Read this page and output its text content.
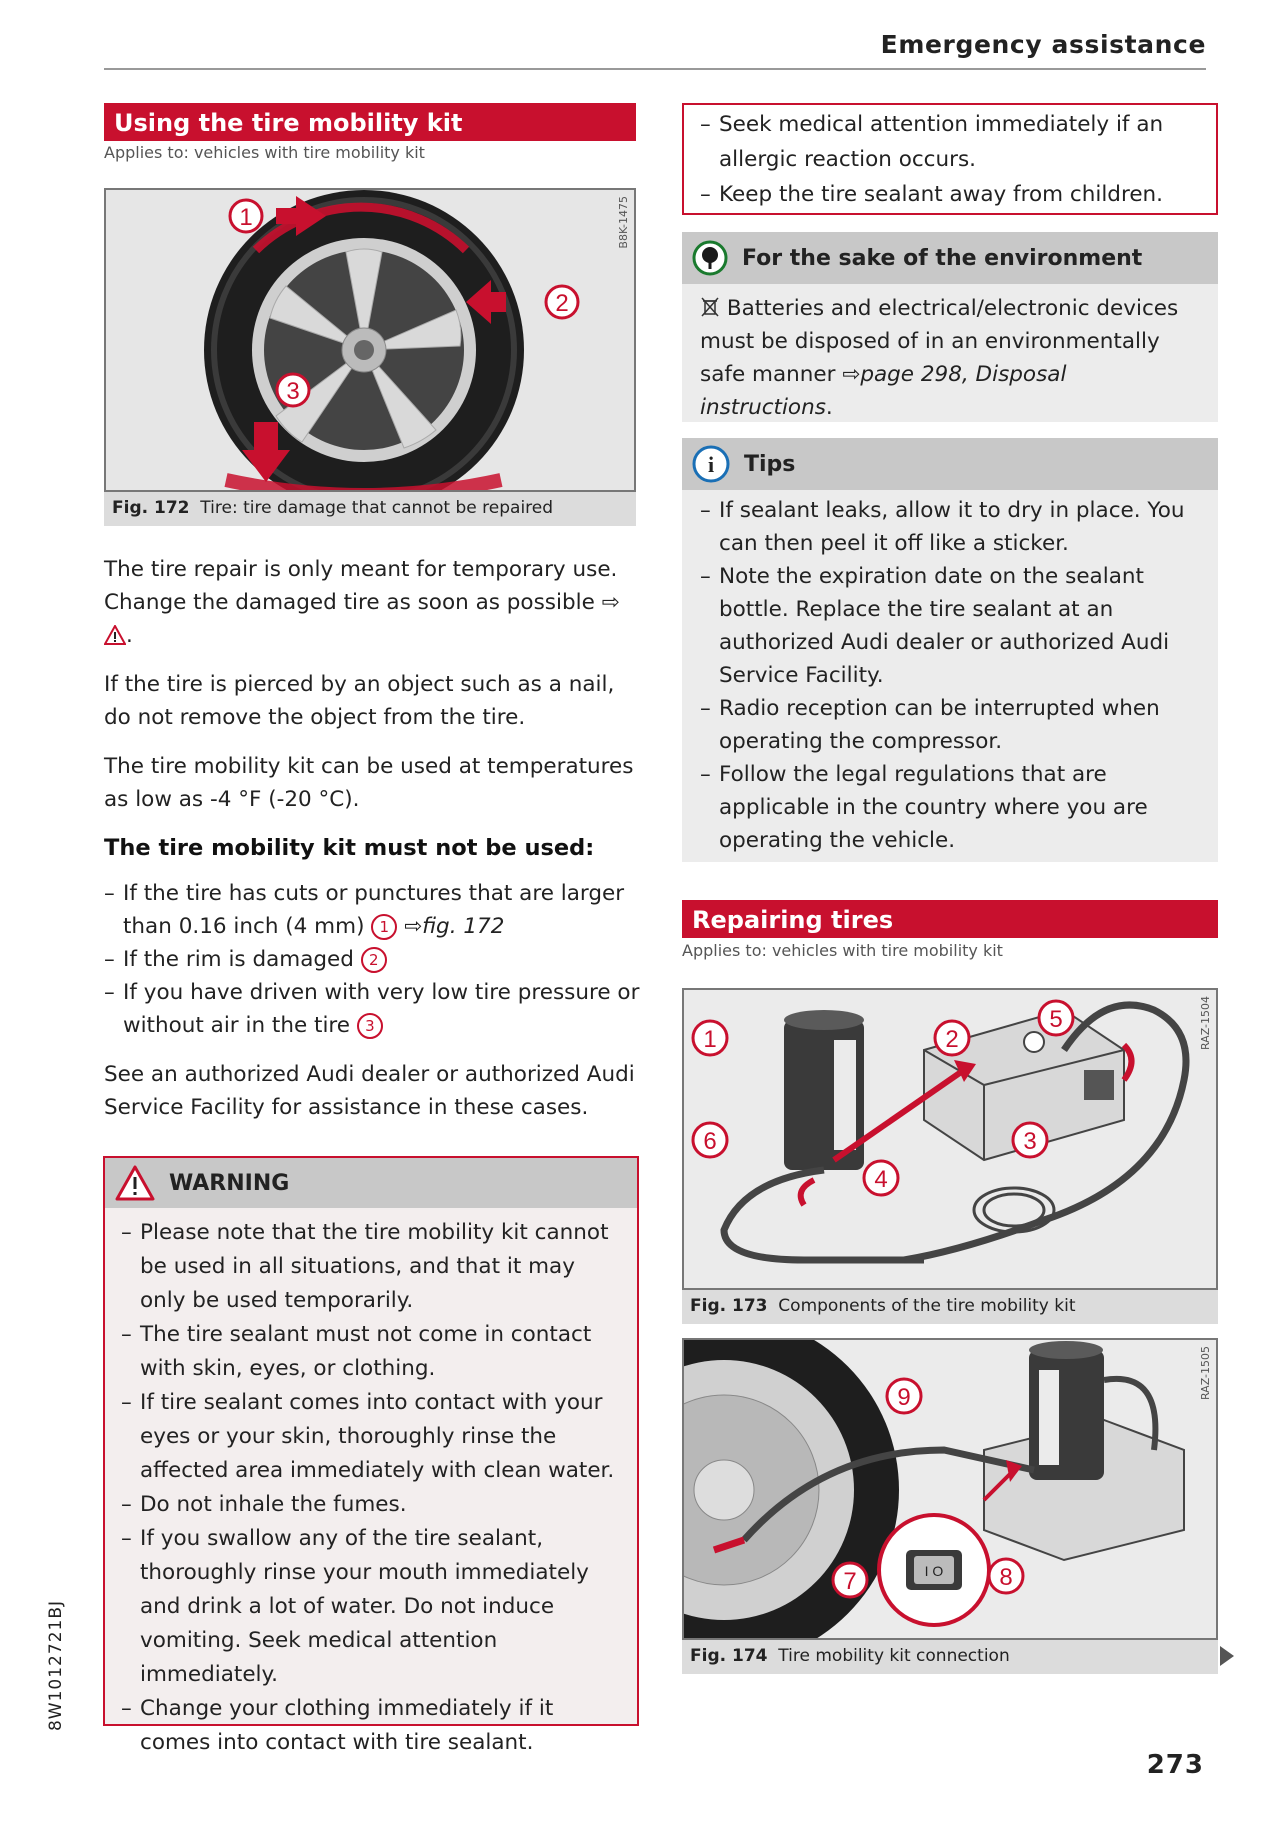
Emergency assistance
Using the tire mobility kit
Applies to: vehicles with tire mobility kit
1
2
3
B8K-1475
Fig. 172 Tire: tire damage that cannot be repaired

The tire repair is only meant for temporary use. Change the damaged tire as soon as possible ⇨ .

If the tire is pierced by an object such as a nail, do not remove the object from the tire.

The tire mobility kit can be used at temperatures as low as -4 °F (-20 °C).

The tire mobility kit must not be used:
– If the tire has cuts or punctures that are larger than 0.16 inch (4 mm) 1 ⇨fig. 172
– If the rim is damaged 2
– If you have driven with very low tire pressure or without air in the tire 3

See an authorized Audi dealer or authorized Audi Service Facility for assistance in these cases.

WARNING
– Please note that the tire mobility kit cannot be used in all situations, and that it may only be used temporarily.
– The tire sealant must not come in contact with skin, eyes, or clothing.
– If tire sealant comes into contact with your eyes or your skin, thoroughly rinse the affected area immediately with clean water.
– Do not inhale the fumes.
– If you swallow any of the tire sealant, thoroughly rinse your mouth immediately and drink a lot of water. Do not induce vomiting. Seek medical attention immediately.
– Change your clothing immediately if it comes into contact with tire sealant.
– Seek medical attention immediately if an allergic reaction occurs.
– Keep the tire sealant away from children.
For the sake of the environment
Batteries and electrical/electronic devices must be disposed of in an environmentally safe manner ⇨page 298, Disposal instructions.
i Tips
– If sealant leaks, allow it to dry in place. You can then peel it off like a sticker.
– Note the expiration date on the sealant bottle. Replace the tire sealant at an authorized Audi dealer or authorized Audi Service Facility.
– Radio reception can be interrupted when operating the compressor.
– Follow the legal regulations that are applicable in the country where you are operating the vehicle.
Repairing tires
Applies to: vehicles with tire mobility kit
1	2
3
4
5
6
RAZ-1504
Fig. 173 Components of the tire mobility kit
I O
7	8
9	RAZ-1505
Fig. 174 Tire mobility kit connection
8W1012721BJ
273
